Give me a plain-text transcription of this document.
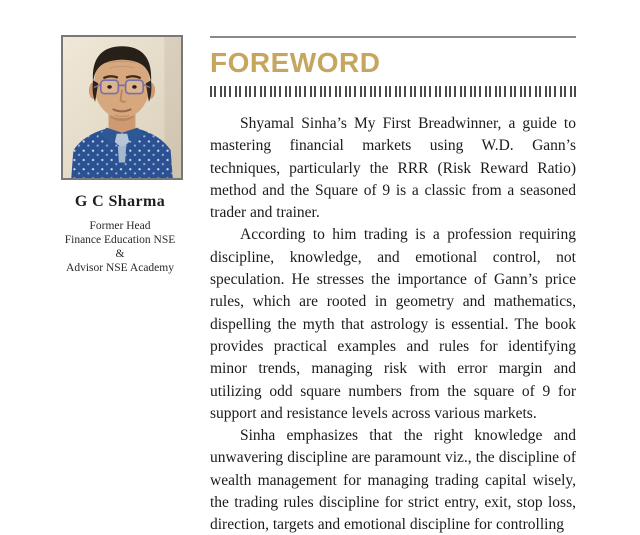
G C Sharma
Former Head
Finance Education NSE
&
Advisor NSE Academy
FOREWORD

Shyamal Sinha’s My First Breadwinner, a guide to mastering financial markets using W.D. Gann’s techniques, particularly the RRR (Risk Reward Ratio) method and the Square of 9 is a classic from a seasoned trader and trainer.

According to him trading is a profession requiring discipline, knowledge, and emotional control, not speculation. He stresses the importance of Gann’s price rules, which are rooted in geometry and mathematics, dispelling the myth that astrology is essential. The book provides practical examples and rules for identifying minor trends, managing risk with error margin and utilizing odd square numbers from the square of 9 for support and resistance levels across various markets.

Sinha emphasizes that the right knowledge and unwavering discipline are paramount viz., the discipline of wealth management for managing trading capital wisely, the trading rules discipline for strict entry, exit, stop loss, direction, targets and emotional discipline for controlling
